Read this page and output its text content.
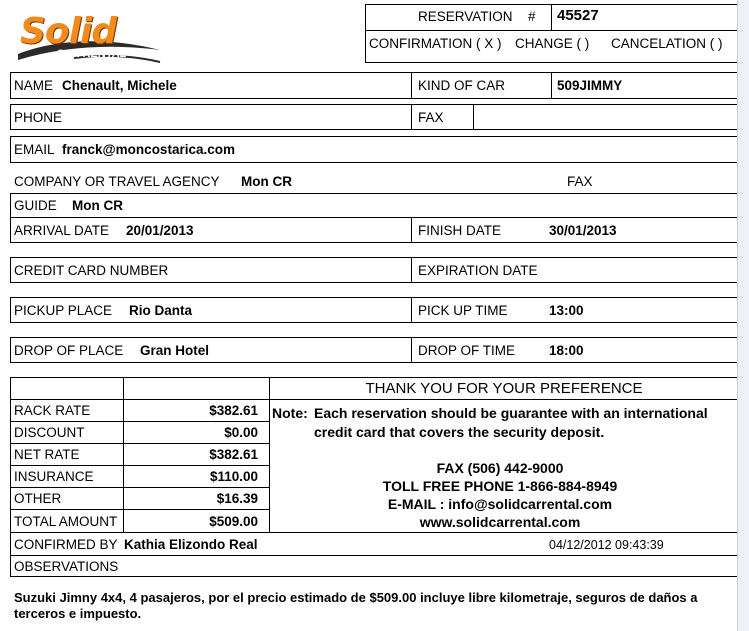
Solid
CAR RENTAL
RESERVATION # 45527
CONFIRMATION ( X ) CHANGE ( ) CANCELATION ( )
NAME Chenault, Michele	KIND OF CAR	509JIMMY
PHONE	FAX
EMAIL franck@moncostarica.com
COMPANY OR TRAVEL AGENCY Mon CR	FAX
GUIDE Mon CR
ARRIVAL DATE 20/01/2013	FINISH DATE	30/01/2013
CREDIT CARD NUMBER	EXPIRATION DATE
PICKUP PLACE Rio Danta	PICK UP TIME	13:00
DROP OF PLACE Gran Hotel	DROP OF TIME	18:00
RACK RATE	$382.61
DISCOUNT	$0.00
NET RATE	$382.61
INSURANCE	$110.00
OTHER	$16.39
TOTAL AMOUNT	$509.00
THANK YOU FOR YOUR PREFERENCE
Note: Each reservation should be guarantee with an international
credit card that covers the security deposit.
FAX (506) 442-9000
TOLL FREE PHONE 1-866-884-8949
E-MAIL : info@solidcarrental.com
www.solidcarrental.com
CONFIRMED BY Kathia Elizondo Real	04/12/2012 09:43:39
OBSERVATIONS
Suzuki Jimny 4x4, 4 pasajeros, por el precio estimado de $509.00 incluye libre kilometraje, seguros de daños a
terceros e impuesto.
